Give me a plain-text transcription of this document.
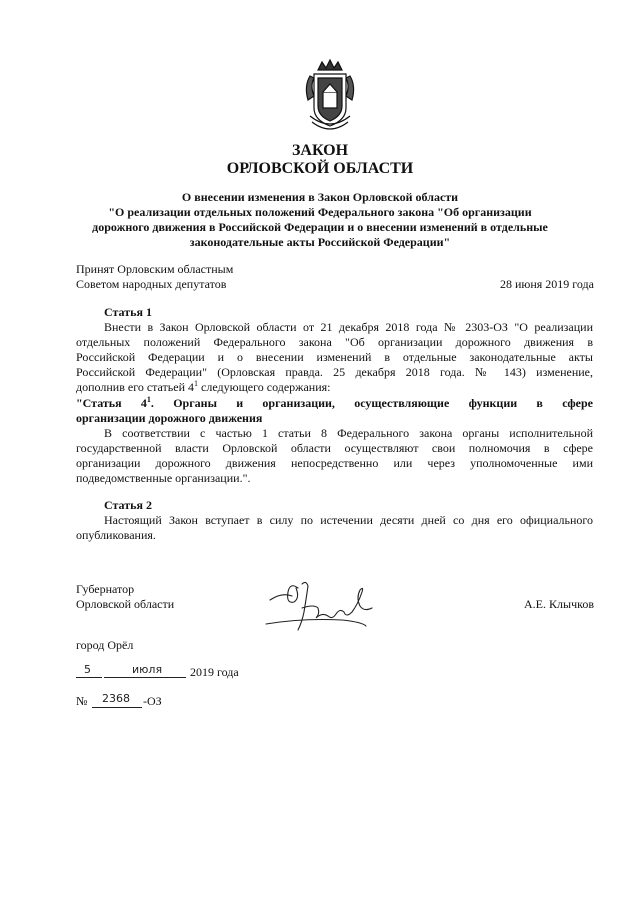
ЗАКОН
ОРЛОВСКОЙ ОБЛАСТИ
О внесении изменения в Закон Орловской области
"О реализации отдельных положений Федерального закона "Об организации
дорожного движения в Российской Федерации и о внесении изменений в отдельные
законодательные акты Российской Федерации"
Принят Орловским областным
Советом народных депутатов	28 июня 2019 года
Статья 1
Внести в Закон Орловской области от 21 декабря 2018 года № 2303-ОЗ "О реализации
отдельных положений Федерального закона "Об организации дорожного движения в
Российской Федерации и о внесении изменений в отдельные законодательные акты
Российской Федерации" (Орловская правда. 25 декабря 2018 года. № 143) изменение,
дополнив его статьей $4^1$ следующего содержания:
"Статья $4^1$. Органы и организации, осуществляющие функции в сфере
организации дорожного движения
В соответствии с частью 1 статьи 8 Федерального закона органы исполнительной
государственной власти Орловской области осуществляют свои полномочия в сфере
организации дорожного движения непосредственно или через уполномоченные ими
подведомственные организации.".
Статья 2
Настоящий Закон вступает в силу по истечении десяти дней со дня его официального
опубликования.
Губернатор
Орловской области	А.Е. Клычков
город Орёл
5	июля 2019 года
№ 2368 -ОЗ
